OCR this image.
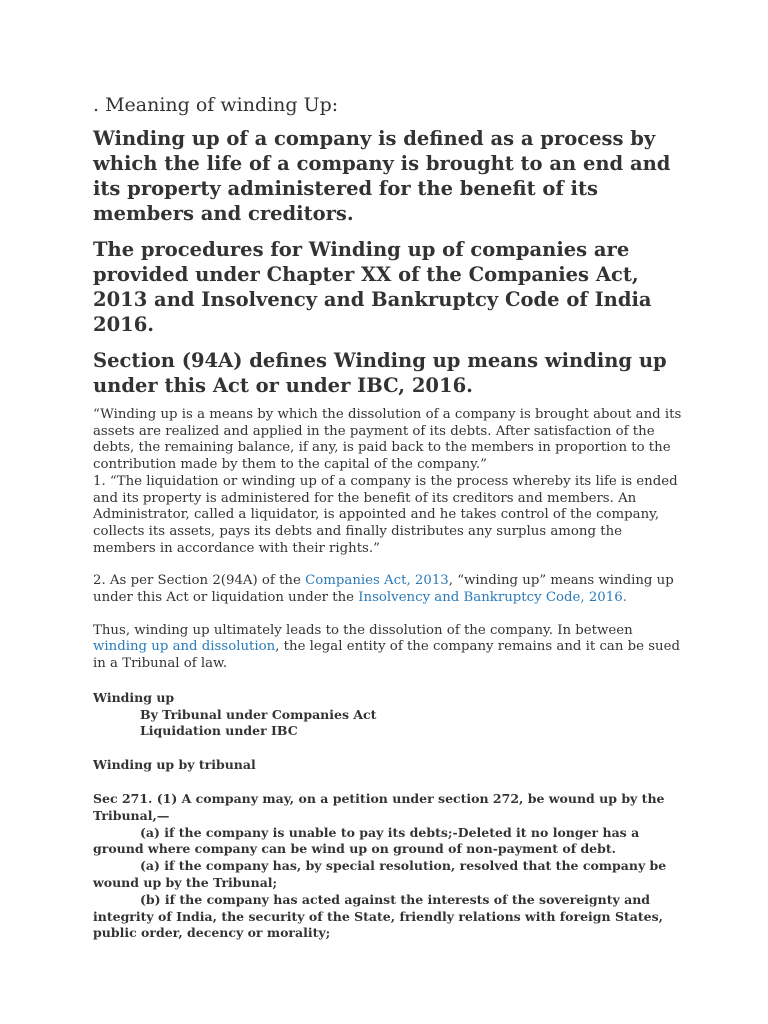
. Meaning of winding Up:

Winding up of a company is defined as a process by which the life of a company is brought to an end and its property administered for the benefit of its members and creditors.

The procedures for Winding up of companies are provided under Chapter XX of the Companies Act, 2013 and Insolvency and Bankruptcy Code of India 2016.

Section (94A) defines Winding up means winding up under this Act or under IBC, 2016.

“Winding up is a means by which the dissolution of a company is brought about and its assets are realized and applied in the payment of its debts. After satisfaction of the debts, the remaining balance, if any, is paid back to the members in proportion to the contribution made by them to the capital of the company.”

1. “The liquidation or winding up of a company is the process whereby its life is ended and its property is administered for the benefit of its creditors and members. An Administrator, called a liquidator, is appointed and he takes control of the company, collects its assets, pays its debts and finally distributes any surplus among the members in accordance with their rights.”

2. As per Section 2(94A) of the Companies Act, 2013, “winding up” means winding up under this Act or liquidation under the Insolvency and Bankruptcy Code, 2016.

Thus, winding up ultimately leads to the dissolution of the company. In between winding up and dissolution, the legal entity of the company remains and it can be sued in a Tribunal of law.

Winding up

By Tribunal under Companies Act

Liquidation under IBC

Winding up by tribunal

Sec 271. (1) A company may, on a petition under section 272, be wound up by the Tribunal,—

(a) if the company is unable to pay its debts;-Deleted it no longer has a ground where company can be wind up on ground of non-payment of debt.

(a) if the company has, by special resolution, resolved that the company be wound up by the Tribunal;

(b) if the company has acted against the interests of the sovereignty and integrity of India, the security of the State, friendly relations with foreign States, public order, decency or morality;
